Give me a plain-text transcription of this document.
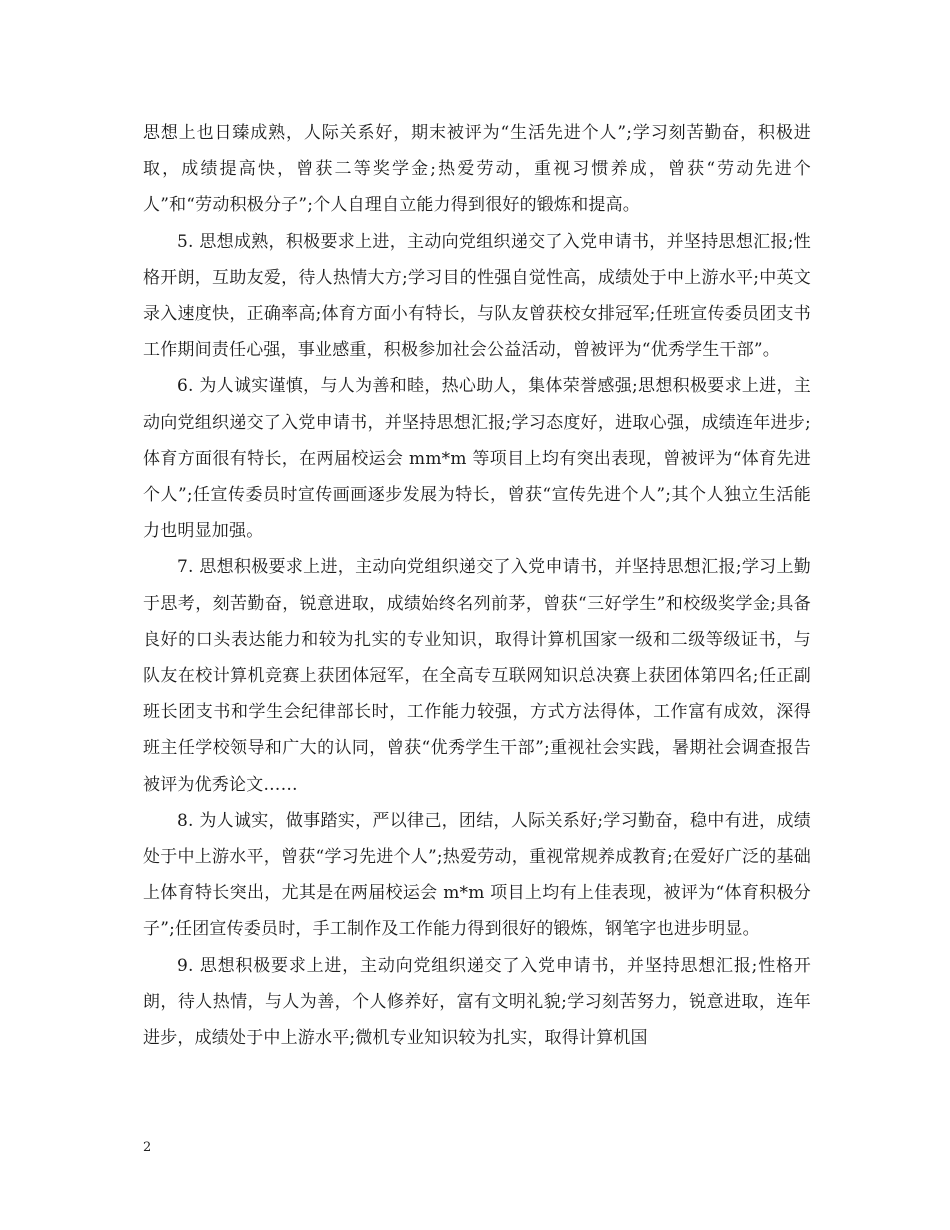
思想上也日臻成熟，人际关系好，期末被评为“生活先进个人”;学习刻苦勤奋，积极进取，成绩提高快，曾获二等奖学金;热爱劳动，重视习惯养成，曾获“劳动先进个人”和“劳动积极分子”;个人自理自立能力得到很好的锻炼和提高。

5. 思想成熟，积极要求上进，主动向党组织递交了入党申请书，并坚持思想汇报;性格开朗，互助友爱，待人热情大方;学习目的性强自觉性高，成绩处于中上游水平;中英文录入速度快，正确率高;体育方面小有特长，与队友曾获校女排冠军;任班宣传委员团支书工作期间责任心强，事业感重，积极参加社会公益活动，曾被评为“优秀学生干部”。

6. 为人诚实谨慎，与人为善和睦，热心助人，集体荣誉感强;思想积极要求上进，主动向党组织递交了入党申请书，并坚持思想汇报;学习态度好，进取心强，成绩连年进步;体育方面很有特长，在两届校运会 mm*m 等项目上均有突出表现，曾被评为“体育先进个人”;任宣传委员时宣传画画逐步发展为特长，曾获“宣传先进个人”;其个人独立生活能力也明显加强。

7. 思想积极要求上进，主动向党组织递交了入党申请书，并坚持思想汇报;学习上勤于思考，刻苦勤奋，锐意进取，成绩始终名列前茅，曾获“三好学生”和校级奖学金;具备良好的口头表达能力和较为扎实的专业知识，取得计算机国家一级和二级等级证书，与队友在校计算机竞赛上获团体冠军，在全高专互联网知识总决赛上获团体第四名;任正副班长团支书和学生会纪律部长时，工作能力较强，方式方法得体，工作富有成效，深得班主任学校领导和广大的认同，曾获“优秀学生干部”;重视社会实践，暑期社会调查报告被评为优秀论文……

8. 为人诚实，做事踏实，严以律己，团结，人际关系好;学习勤奋，稳中有进，成绩处于中上游水平，曾获“学习先进个人”;热爱劳动，重视常规养成教育;在爱好广泛的基础上体育特长突出，尤其是在两届校运会 m*m 项目上均有上佳表现，被评为“体育积极分子”;任团宣传委员时，手工制作及工作能力得到很好的锻炼，钢笔字也进步明显。

9. 思想积极要求上进，主动向党组织递交了入党申请书，并坚持思想汇报;性格开朗，待人热情，与人为善，个人修养好，富有文明礼貌;学习刻苦努力，锐意进取，连年进步，成绩处于中上游水平;微机专业知识较为扎实，取得计算机国

2
